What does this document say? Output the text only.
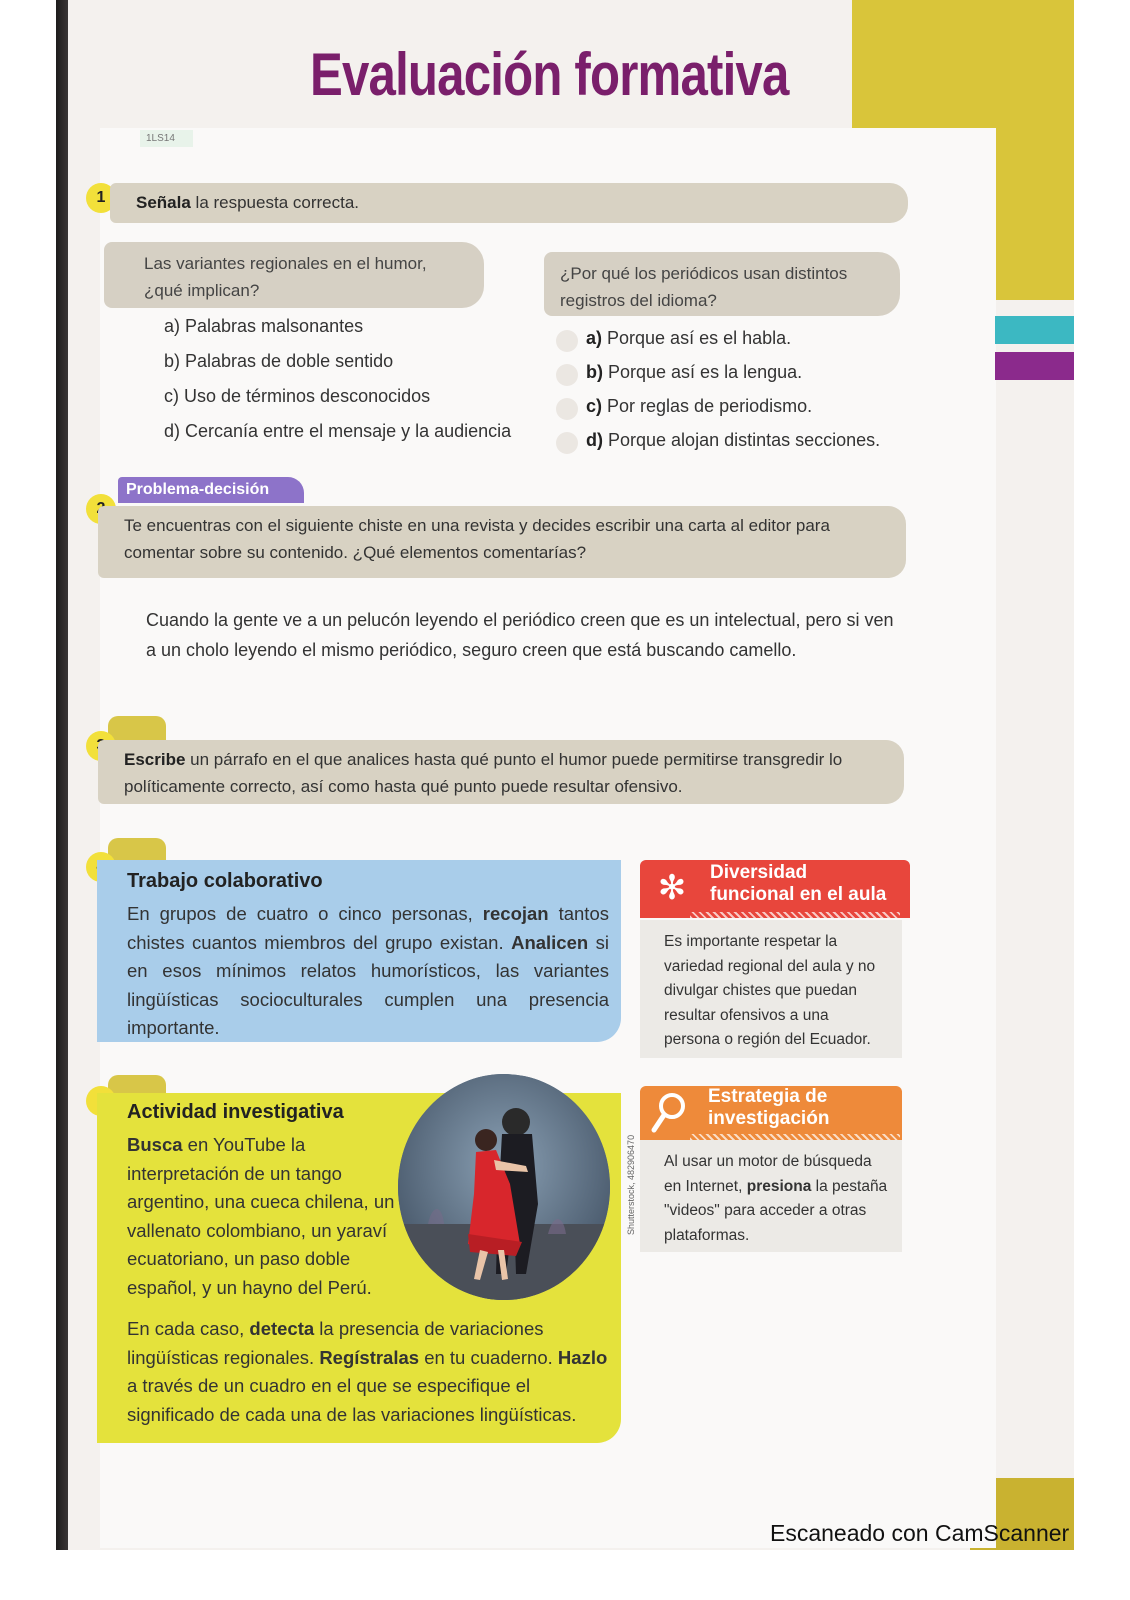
Evaluación formativa
1LS14
1	Señala la respuesta correcta.
Las variantes regionales en el humor, ¿qué implican?
a) Palabras malsonantes
b) Palabras de doble sentido
c) Uso de términos desconocidos
d) Cercanía entre el mensaje y la audiencia
¿Por qué los periódicos usan distintos registros del idioma?
a) Porque así es el habla.
b) Porque así es la lengua.
c) Por reglas de periodismo.
d) Porque alojan distintas secciones.
Problema-decisión
Te encuentras con el siguiente chiste en una revista y decides escribir una carta al editor para comentar sobre su contenido. ¿Qué elementos comentarías?
Cuando la gente ve a un pelucón leyendo el periódico creen que es un intelectual, pero si ven a un cholo leyendo el mismo periódico, seguro creen que está buscando camello.
Escribe un párrafo en el que analices hasta qué punto el humor puede permitirse transgredir lo políticamente correcto, así como hasta qué punto puede resultar ofensivo.
Trabajo colaborativo
En grupos de cuatro o cinco personas, recojan tantos chistes cuantos miembros del grupo existan. Analicen si en esos mínimos relatos humorísticos, las variantes lingüísticas socioculturales cumplen una presencia importante.
✻	Diversidad
funcional en el aula
Es importante respetar la variedad regional del aula y no divulgar chistes que puedan resultar ofensivos a una persona o región del Ecuador.
Actividad investigativa
Busca en YouTube la interpretación de un tango argentino, una cueca chilena, un vallenato colombiano, un yaraví ecuatoriano, un paso doble español, y un hayno del Perú.
En cada caso, detecta la presencia de variaciones lingüísticas regionales. Regístralas en tu cuaderno. Hazlo a través de un cuadro en el que se especifique el significado de cada una de las variaciones lingüísticas.
Shutterstock, 482906470
Estrategia de
investigación
Al usar un motor de búsqueda en Internet, presiona la pestaña "videos" para acceder a otras plataformas.
Escaneado con CamScanner
